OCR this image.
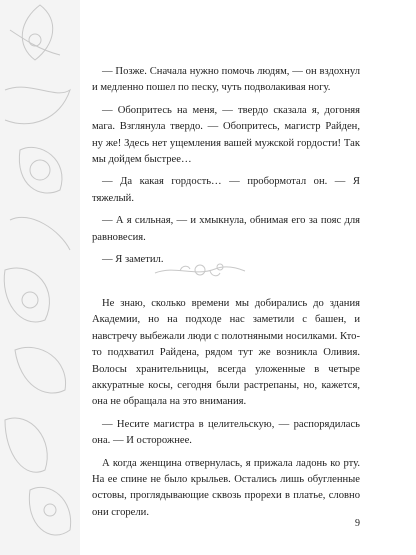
— Позже. Сначала нужно помочь людям, — он вздохнул и медленно пошел по песку, чуть подволакивая ногу.

— Обопритесь на меня, — твердо сказала я, догоняя мага. Взглянула твердо. — Обопритесь, магистр Райден, ну же! Здесь нет ущемления вашей мужской гордости! Так мы дойдем быстрее…

— Да какая гордость… — пробормотал он. — Я тяжелый.

— А я сильная, — и хмыкнула, обнимая его за пояс для равновесия.

— Я заметил.

Не знаю, сколько времени мы добирались до здания Академии, но на подходе нас заметили с башен, и навстречу выбежали люди с полотняными носилками. Кто-то подхватил Райдена, рядом тут же возникла Оливия. Волосы хранительницы, всегда уложенные в четыре аккуратные косы, сегодня были растрепаны, но, кажется, она не обращала на это внимания.

— Несите магистра в целительскую, — распорядилась она. — И осторожнее.

А когда женщина отвернулась, я прижала ладонь ко рту. На ее спине не было крыльев. Остались лишь обугленные остовы, проглядывающие сквозь прорехи в платье, словно они сгорели.

9
